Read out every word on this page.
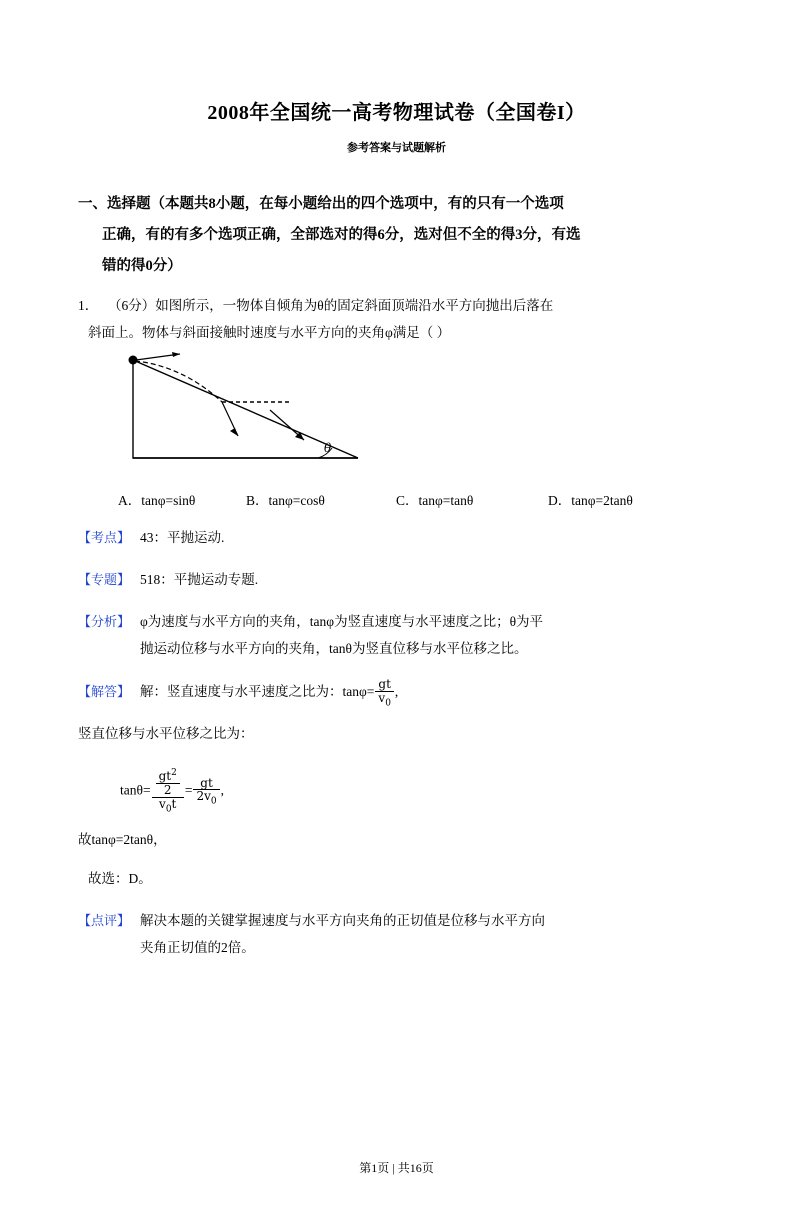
2008年全国统一高考物理试卷（全国卷I）
参考答案与试题解析
一、选择题（本题共8小题，在每小题给出的四个选项中，有的只有一个选项
正确，有的有多个选项正确，全部选对的得6分，选对但不全的得3分，有选
错的得0分）
1． （6分）如图所示，一物体自倾角为θ的固定斜面顶端沿水平方向抛出后落在
斜面上。物体与斜面接触时速度与水平方向的夹角φ满足（ ）
θ
A．tanφ=sinθ	B．tanφ=cosθ	C．tanφ=tanθ	D．tanφ=2tanθ
【考点】 43：平抛运动.
【专题】 518：平抛运动专题.
【分析】 φ为速度与水平方向的夹角，tanφ为竖直速度与水平速度之比；θ为平
抛运动位移与水平方向的夹角，tanθ为竖直位移与水平位移之比。
【解答】 解：竖直速度与水平速度之比为：$\tan\varphi= \frac{gt}{v_0}$ ,
竖直位移与水平位移之比为：
$\tan\theta= \frac{\frac{gt^2}{2}}{v_0t} = \frac{gt}{2v_0}$ ,
故tanφ=2tanθ，
故选：D。
【点评】 解决本题的关键掌握速度与水平方向夹角的正切值是位移与水平方向
夹角正切值的2倍。
第1页 | 共16页
